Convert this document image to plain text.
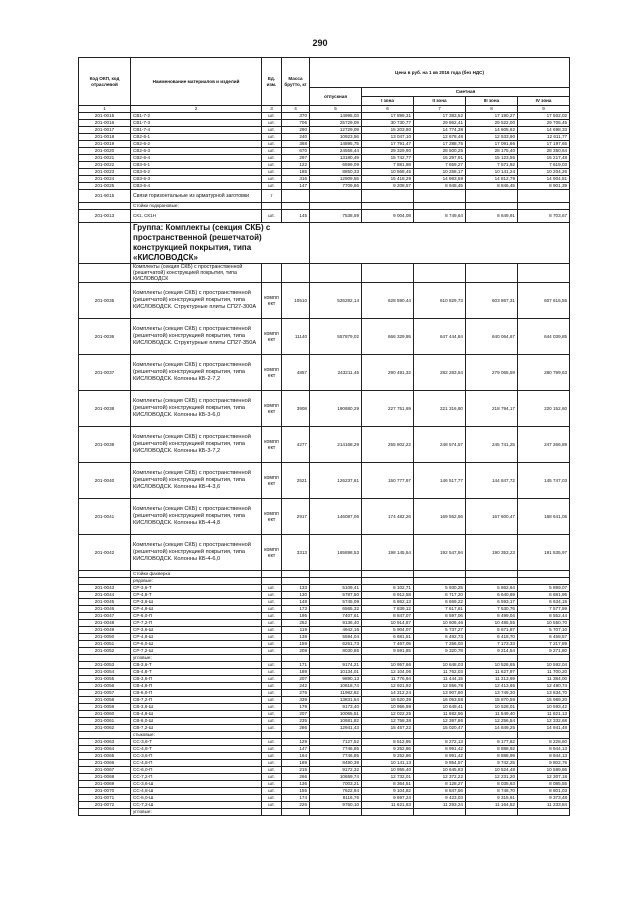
290
Код ОКП, код отраслевой	Наименование материалов и изделий	Ед. изм.	Масса брутто, кг	Цена в руб. на 1 кв 2016 года (без НДС)				
				отпускная	Сметная			
					I зона	II зона	III зона	IV зона
1	2	3	4	5	6	7	8	9
201-0015	СВ1-7-2	шт.	370	14995,03	17 899,31	17 383,52	17 190,27	17 502,02
201-0016	СВ1-7-3	шт.	706	25729,09	30 730,77	29 862,41	29 522,00	29 705,45
201-0017	СВ1-7-4	шт.	290	12729,09	15 203,80	14 774,38	14 605,62	14 698,33
201-0018	СВ2-6-1	шт.	240	10923,56	13 047,10	12 678,48	12 533,90	12 611,77
201-0019	СВ2-6-2	шт.	368	14895,75	17 791,47	17 288,75	17 091,66	17 197,65
201-0020	СВ2-6-3	шт.	670	24556,44	29 329,90	28 500,25	28 175,40	28 350,64
201-0021	СВ2-6-4	шт.	297	13180,49	15 742,77	15 297,91	15 123,55	15 217,48
201-0022	СВ3-6-1	шт.	122	6599,09	7 881,98	7 659,27	7 571,92	7 619,03
201-0023	СВ3-6-2	шт.	185	8850,33	10 568,45	10 258,17	10 141,24	10 204,26
201-0024	СВ3-6-3	шт.	316	12909,55	15 418,29	14 983,59	14 812,79	14 904,81
201-0025	СВ3-6-4	шт.	147	7709,86	9 208,57	8 948,45	8 846,45	8 901,39
201-9015	Связи горизонтальные из арматурной заготовки	т						
	Стойки подкрановые:							
201-0013	СК1, СК1Н	шт.	145	7538,59	9 004,08	8 749,64	8 649,91	8 703,67
	Группа: Комплекты (секция СКБ) с пространственной (решетчатой) конструкцией покрытия, типа «КИСЛОВОДСК»							
	Комплекты (секция СКБ) с пространственной (решетчатой) конструкцией покрытия, типа КИСЛОВОДСК							
201-0035	Комплекты (секция СКБ) с пространственной (решетчатой) конструкцией покрытия, типа КИСЛОВОДСК. Структурные плиты СП27-300А	компл ект	10510	526282,14	628 590,44	610 829,73	603 867,31	607 616,55
201-0036	Комплекты (секция СКБ) с пространственной (решетчатой) конструкцией покрытия, типа КИСЛОВОДСК. Структурные плиты СП27-350А	компл ект	11140	557879,02	666 329,95	647 444,84	640 064,67	644 039,85
201-0037	Комплекты (секция СКБ) с пространственной (решетчатой) конструкцией покрытия, типа КИСЛОВОДСК. Колонны КБ-2-7,2	компл ект	4857	243211,45	290 491,32	282 283,54	279 065,59	280 799,63
201-0038	Комплекты (секция СКБ) с пространственной (решетчатой) конструкцией покрытия, типа КИСЛОВОДСК. Колонны КБ-3-6,0	компл ект	3908	190680,29	227 751,69	221 316,80	218 794,17	220 152,60
201-0039	Комплекты (секция СКБ) с пространственной (решетчатой) конструкцией покрытия, типа КИСЛОВОДСК. Колонны КБ-3-7,2	компл ект	4277	214168,29	255 802,22	248 574,57	245 741,25	247 266,89
201-0040	Комплекты (секция СКБ) с пространственной (решетчатой) конструкцией покрытия, типа КИСЛОВОДСК. Колонны КБ-4-3,6	компл ект	2521	126237,61	150 777,97	146 517,77	144 847,72	145 747,03
201-0041	Комплекты (секция СКБ) с пространственной (решетчатой) конструкцией покрытия, типа КИСЛОВОДСК. Колонны КБ-4-4,8	компл ект	2917	146087,06	174 482,26	169 552,56	167 600,47	168 641,05
201-0042	Комплекты (секция СКБ) с пространственной (решетчатой) конструкцией покрытия, типа КИСЛОВОДСК. Колонны КБ-4-6,0	компл ект	3313	165898,53	198 145,54	192 547,94	190 353,23	191 535,97
	Стойки фахверка							
	рядовые:							
201-0043	СР-3,6-Т	шт.	133	5109,41	6 102,71	5 930,25	5 862,64	5 899,07
201-0044	СР-4,8-Т	шт.	130	5787,50	6 912,58	6 717,20	6 640,69	6 681,95
201-0045	СР-3,6-Ш	шт.	148	5745,09	6 862,13	6 669,22	6 593,17	6 634,15
201-0046	СР-4,8-Ш	шт.	173	6565,32	7 839,12	7 617,61	7 530,76	7 577,59
201-0047	СР-6,0-П	шт.	195	7407,61	8 847,07	8 597,06	8 499,04	8 552,44
201-0048	СР-7,2-П	шт.	252	9136,40	10 914,87	10 606,46	10 485,55	10 550,70
201-0049	СР-3,6-Ш	шт.	119	4942,16	5 904,07	5 737,27	5 671,87	5 707,10
201-0050	СР-4,8-Ш	шт.	138	5594,04	6 681,51	6 492,73	6 418,70	6 458,57
201-0051	СР-6,0-Ш	шт.	159	6251,73	7 467,05	7 256,03	7 173,33	7 217,89
201-0052	СР-7,2-Ш	шт.	208	8030,85	9 591,85	9 320,78	9 214,54	9 271,80
	угловые:							
201-0053	СВ-3,6-Т	шт.	171	9174,21	10 957,66	10 648,03	10 526,65	10 592,04
201-0054	СВ-4,8-Т	шт.	189	10134,01	12 104,06	11 762,03	11 627,97	11 700,20
201-0055	СВ-3,6-П	шт.	207	9890,13	11 776,94	11 444,15	11 313,69	11 384,00
201-0056	СВ-4,8-П	шт.	242	10818,74	12 921,92	12 556,78	12 413,65	12 490,74
201-0057	СВ-6,0-П	шт.	276	11982,82	14 312,24	13 907,80	13 749,30	13 834,70
201-0058	СВ-7,2-П	шт.	339	13831,54	16 520,39	16 053,58	15 870,59	15 969,20
201-0059	СВ-3,6-Ш	шт.	179	9173,40	10 956,98	10 649,41	10 528,01	10 593,42
201-0060	СВ-4,8-Ш	шт.	207	10065,51	12 022,25	11 682,56	11 549,40	11 621,13
201-0061	СВ-6,0-Ш	шт.	235	10681,82	12 758,38	12 397,86	12 256,54	12 332,68
201-0062	СВ-7,2-Ш	шт.	286	12941,43	15 457,22	15 020,47	14 849,25	14 941,48
	стыковые:							
201-0063	СС-3,6-Т	шт.	129	7127,52	8 512,95	8 272,13	8 177,82	8 228,60
201-0064	СС-4,8-Т	шт.	147	7746,85	9 252,86	8 991,42	8 888,92	8 944,13
201-0065	СС-3,6-П	шт.	164	7746,85	9 252,86	8 991,42	8 888,99	8 944,13
201-0066	СС-4,8-П	шт.	189	8490,39	10 141,13	9 854,57	9 742,25	9 802,76
201-0067	СС-6,0-П	шт.	215	9172,32	10 955,40	10 645,83	10 524,48	10 589,86
201-0068	СС-7,2-П	шт.	266	10659,74	12 732,01	12 372,22	12 231,20	12 307,18
201-0069	СС-3,6-Ш	шт.	136	7003,21	8 364,51	8 128,27	8 035,63	8 085,55
201-0070	СС-4,8-Ш	шт.	155	7622,94	9 104,82	8 847,56	8 746,70	8 801,03
201-0071	СС-6,0-Ш	шт.	174	8116,76	9 697,24	9 423,03	9 315,61	9 373,48
201-0072	СС-7,2-Ш	шт.	226	9760,10	11 621,63	11 293,24	11 164,52	11 233,84
	угловые:							
